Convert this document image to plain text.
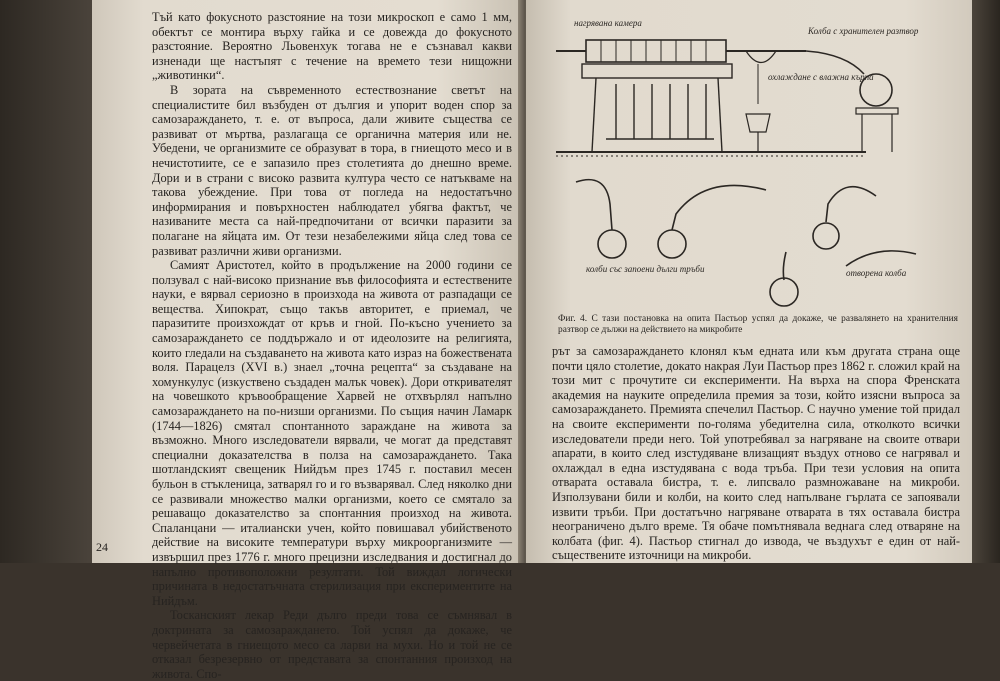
Тъй като фокусното разстояние на този микроскоп е само 1 мм, обектът се монтира върху гайка и се довежда до фокусното разстояние. Вероятно Льовенхук тогава не е съзнавал какви изненади ще настъпят с течение на времето тези нищожни „животинки“.

В зората на съвременното естествознание светът на специалистите бил възбуден от дългия и упорит воден спор за самозараждането, т. е. от въпроса, дали живите същества се развиват от мъртва, разлагаща се органична материя или не. Убедени, че организмите се образуват в тора, в гниещото месо и в нечистотиите, се е запазило през столетията до днешно време. Дори и в страни с високо развита култура често се натъкваме на такова убеждение. При това от погледа на недостатъчно информирания и повърхностен наблюдател убягва фактът, че називаните места са най-предпочитани от всички паразити за полагане на яйцата им. От тези незабележими яйца след това се развиват различни живи организми.

Самият Аристотел, който в продължение на 2000 години се ползувал с най-високо признание във философията и естествените науки, е вярвал сериозно в произхода на живота от разпадащи се вещества. Хипократ, също такъв авторитет, е приемал, че паразитите произхождат от кръв и гной. По-късно учението за самозараждането се поддържало и от идеолозите на религията, които гледали на създаването на живота като израз на божествената воля. Парацелз (XVI в.) знаел „точна рецепта“ за създаване на хомункулус (изкуствено създаден малък човек). Дори откривателят на човешкото кръвообращение Харвей не отхвърлял напълно самозараждането на по-низши организми. По същия начин Ламарк (1744—1826) смятал спонтанното зараждане на живота за възможно. Много изследователи вярвали, че могат да представят специални доказателства в полза на самозараждането. Така шотландският свещеник Нийдъм през 1745 г. поставил месен бульон в стъкленица, затварял го и го възварявал. След няколко дни се развивали множество малки организми, което се смятало за решаващо доказателство за спонтанния произход на живота. Спаланцани — италиански учен, който повишавал убийственото действие на високите температури върху микроорганизмите — извършил през 1776 г. много прецизни изследвания и достигнал до напълно противоположни резултати. Той виждал логически причината в недостатъчната стерилизация при експериментите на Нийдъм.

Тосканският лекар Реди дълго преди това се съмнявал в доктрината за самозараждането. Той успял да докаже, че червейчетата в гниещото месо са ларви на мухи. Но и той не се отказал безрезервно от представата за спонтанния произход на живота. Спо-

24
нагрявана камера
Колба с хранителен разтвор
охлаждане с влажна кърпа
колби със запоени дълги тръби	отворена колба
Фиг. 4. С тази постановка на опита Пастьор успял да докаже, че развалянето на хранителния разтвор се дължи на действието на микробите

рът за самозараждането клонял към едната или към другата страна още почти цяло столетие, докато накрая Луи Пастьор през 1862 г. сложил край на този мит с прочутите си експерименти. На върха на спора Френската академия на науките определила премия за този, който изясни въпроса за самозараждането. Премията спечелил Пастьор. С научно умение той придал на своите експерименти по-голяма убедителна сила, отколкото всички изследователи преди него. Той употребявал за нагряване на своите отвари апарати, в които след изстудяване влизащият въздух отново се нагрявал и охлаждал в една изстудявана с вода тръба. При тези условия на опита отварата оставала бистра, т. е. липсвало размножаване на микроби. Използувани били и колби, на които след напълване гърлата се запоявали извити тръби. При достатъчно нагряване отварата в тях оставала бистра неограничено дълго време. Тя обаче помътнявала веднага след отваряне на колбата (фиг. 4). Пастьор стигнал до извода, че въздухът е един от най-съществените източници на микроби.
